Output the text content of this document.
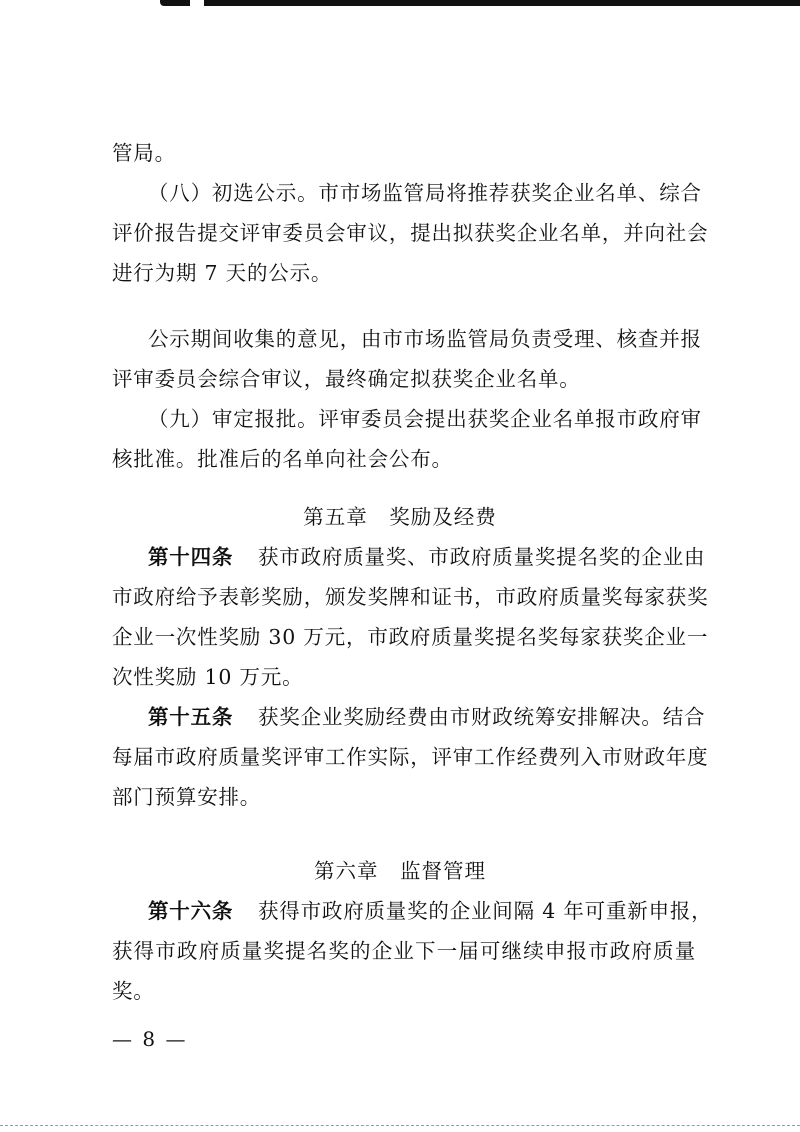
管局。
（八）初选公示。市市场监管局将推荐获奖企业名单、综合
评价报告提交评审委员会审议，提出拟获奖企业名单，并向社会
进行为期 7 天的公示。
公示期间收集的意见，由市市场监管局负责受理、核查并报
评审委员会综合审议，最终确定拟获奖企业名单。
（九）审定报批。评审委员会提出获奖企业名单报市政府审
核批准。批准后的名单向社会公布。
第五章　奖励及经费
第十四条 获市政府质量奖、市政府质量奖提名奖的企业由
市政府给予表彰奖励，颁发奖牌和证书，市政府质量奖每家获奖
企业一次性奖励 30 万元，市政府质量奖提名奖每家获奖企业一
次性奖励 10 万元。
第十五条 获奖企业奖励经费由市财政统筹安排解决。结合
每届市政府质量奖评审工作实际，评审工作经费列入市财政年度
部门预算安排。
第六章　监督管理
第十六条 获得市政府质量奖的企业间隔 4 年可重新申报，
获得市政府质量奖提名奖的企业下一届可继续申报市政府质量
奖。
— 8 —
